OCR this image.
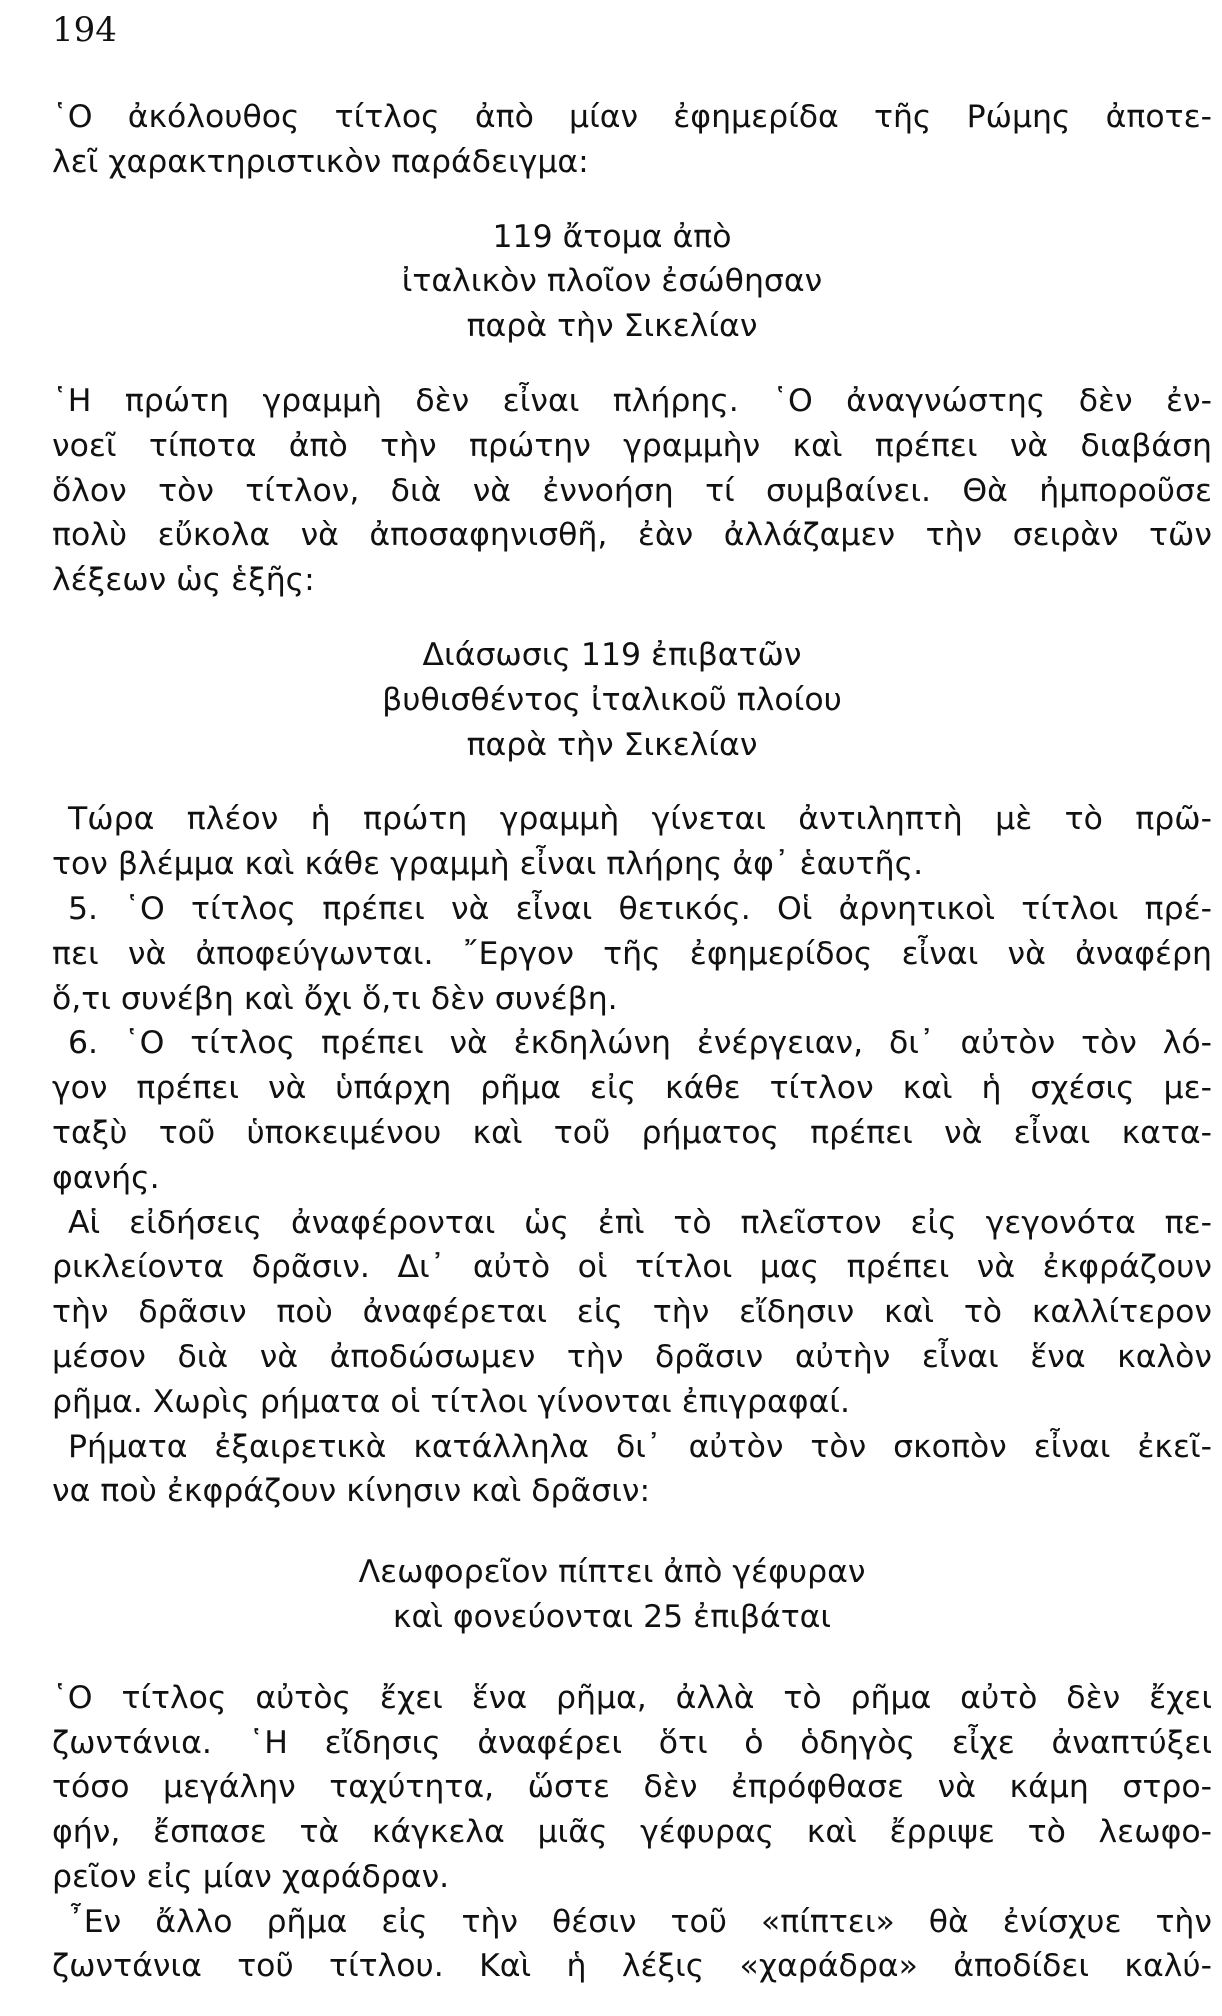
194
῾Ο ἀκόλουθος τίτλος ἀπὸ μίαν ἐφημερίδα τῆς Ρώμης ἀποτε-
λεῖ χαρακτηριστικὸν παράδειγμα:
119 ἄτομα ἀπὸ
ἰταλικὸν πλοῖον ἐσώθησαν
παρὰ τὴν Σικελίαν
῾Η πρώτη γραμμὴ δὲν εἶναι πλήρης. ῾Ο ἀναγνώστης δὲν ἐν-
νοεῖ τίποτα ἀπὸ τὴν πρώτην γραμμὴν καὶ πρέπει νὰ διαβάση
ὅλον τὸν τίτλον, διὰ νὰ ἐννοήση τί συμβαίνει. Θὰ ἠμποροῦσε
πολὺ εὔκολα νὰ ἀποσαφηνισθῆ, ἐὰν ἀλλάζαμεν τὴν σειρὰν τῶν
λέξεων ὡς ἑξῆς:
Διάσωσις 119 ἐπιβατῶν
βυθισθέντος ἰταλικοῦ πλοίου
παρὰ τὴν Σικελίαν
Τώρα πλέον ἡ πρώτη γραμμὴ γίνεται ἀντιληπτὴ μὲ τὸ πρῶ-
τον βλέμμα καὶ κάθε γραμμὴ εἶναι πλήρης ἀφ᾿ ἑαυτῆς.
5. ῾Ο τίτλος πρέπει νὰ εἶναι θετικός. Οἱ ἀρνητικοὶ τίτλοι πρέ-
πει νὰ ἀποφεύγωνται. ῎Εργον τῆς ἐφημερίδος εἶναι νὰ ἀναφέρη
ὅ,τι συνέβη καὶ ὄχι ὅ,τι δὲν συνέβη.
6. ῾Ο τίτλος πρέπει νὰ ἐκδηλώνη ἐνέργειαν, δι᾿ αὐτὸν τὸν λό-
γον πρέπει νὰ ὑπάρχη ρῆμα εἰς κάθε τίτλον καὶ ἡ σχέσις με-
ταξὺ τοῦ ὑποκειμένου καὶ τοῦ ρήματος πρέπει νὰ εἶναι κατα-
φανής.
Αἱ εἰδήσεις ἀναφέρονται ὡς ἐπὶ τὸ πλεῖστον εἰς γεγονότα πε-
ρικλείοντα δρᾶσιν. Δι᾿ αὐτὸ οἱ τίτλοι μας πρέπει νὰ ἐκφράζουν
τὴν δρᾶσιν ποὺ ἀναφέρεται εἰς τὴν εἴδησιν καὶ τὸ καλλίτερον
μέσον διὰ νὰ ἀποδώσωμεν τὴν δρᾶσιν αὐτὴν εἶναι ἕνα καλὸν
ρῆμα. Χωρὶς ρήματα οἱ τίτλοι γίνονται ἐπιγραφαί.
Ρήματα ἐξαιρετικὰ κατάλληλα δι᾿ αὐτὸν τὸν σκοπὸν εἶναι ἐκεῖ-
να ποὺ ἐκφράζουν κίνησιν καὶ δρᾶσιν:
Λεωφορεῖον πίπτει ἀπὸ γέφυραν
καὶ φονεύονται 25 ἐπιβάται
῾Ο τίτλος αὐτὸς ἔχει ἕνα ρῆμα, ἀλλὰ τὸ ρῆμα αὐτὸ δὲν ἔχει
ζωντάνια. ῾Η εἴδησις ἀναφέρει ὅτι ὁ ὁδηγὸς εἶχε ἀναπτύξει
τόσο μεγάλην ταχύτητα, ὥστε δὲν ἐπρόφθασε νὰ κάμη στρο-
φήν, ἔσπασε τὰ κάγκελα μιᾶς γέφυρας καὶ ἔρριψε τὸ λεωφο-
ρεῖον εἰς μίαν χαράδραν.
῏Εν ἄλλο ρῆμα εἰς τὴν θέσιν τοῦ «πίπτει» θὰ ἐνίσχυε τὴν
ζωντάνια τοῦ τίτλου. Καὶ ἡ λέξις «χαράδρα» ἀποδίδει καλύ-
